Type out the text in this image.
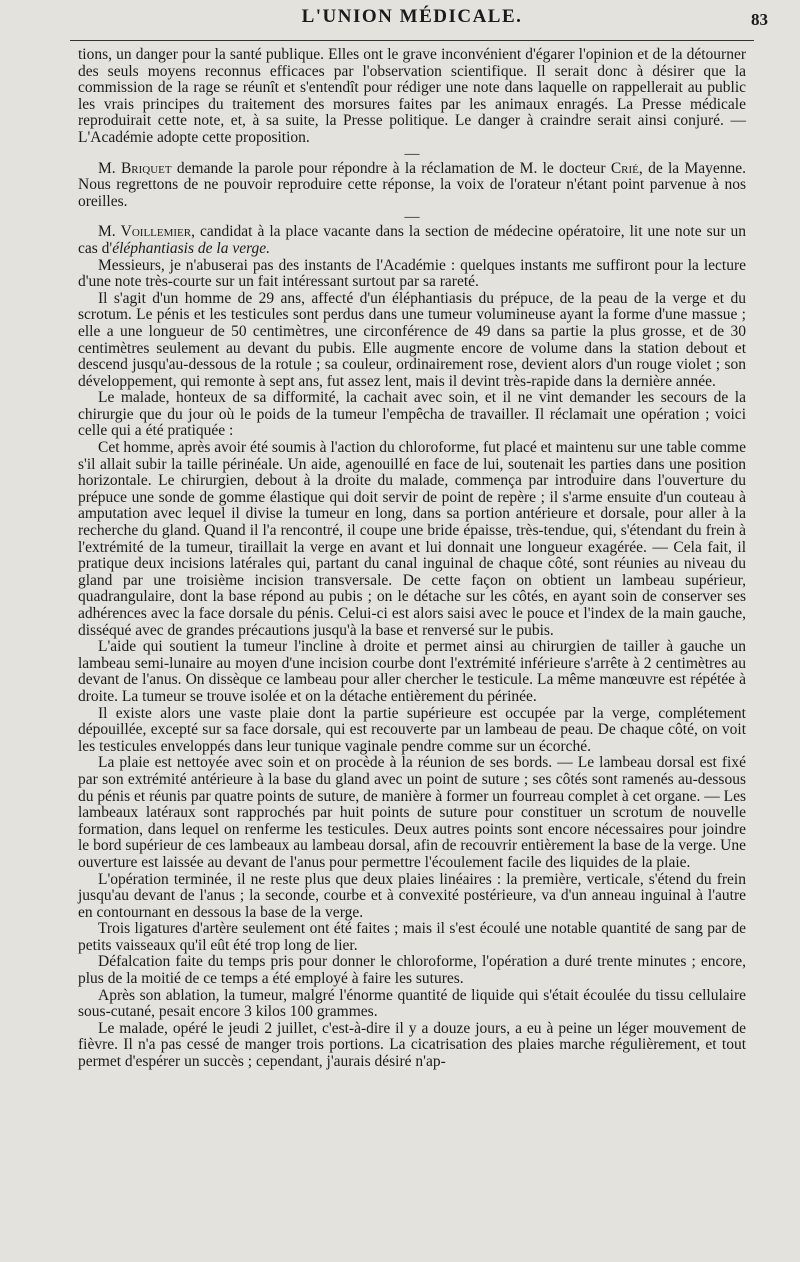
L'UNION MÉDICALE.	83

tions, un danger pour la santé publique. Elles ont le grave inconvénient d'égarer l'opinion et de la détourner des seuls moyens reconnus efficaces par l'observation scientifique. Il serait donc à désirer que la commission de la rage se réunît et s'entendît pour rédiger une note dans laquelle on rappellerait au public les vrais principes du traitement des morsures faites par les animaux enragés. La Presse médicale reproduirait cette note, et, à sa suite, la Presse politique. Le danger à craindre serait ainsi conjuré. — L'Académie adopte cette proposition.

—

M. Briquet demande la parole pour répondre à la réclamation de M. le docteur Crié, de la Mayenne. Nous regrettons de ne pouvoir reproduire cette réponse, la voix de l'orateur n'étant point parvenue à nos oreilles.

—

M. Voillemier, candidat à la place vacante dans la section de médecine opératoire, lit une note sur un cas d'éléphantiasis de la verge.

Messieurs, je n'abuserai pas des instants de l'Académie : quelques instants me suffiront pour la lecture d'une note très-courte sur un fait intéressant surtout par sa rareté.

Il s'agit d'un homme de 29 ans, affecté d'un éléphantiasis du prépuce, de la peau de la verge et du scrotum. Le pénis et les testicules sont perdus dans une tumeur volumineuse ayant la forme d'une massue ; elle a une longueur de 50 centimètres, une circonférence de 49 dans sa partie la plus grosse, et de 30 centimètres seulement au devant du pubis. Elle augmente encore de volume dans la station debout et descend jusqu'au-dessous de la rotule ; sa couleur, ordinairement rose, devient alors d'un rouge violet ; son développement, qui remonte à sept ans, fut assez lent, mais il devint très-rapide dans la dernière année.

Le malade, honteux de sa difformité, la cachait avec soin, et il ne vint demander les secours de la chirurgie que du jour où le poids de la tumeur l'empêcha de travailler. Il réclamait une opération ; voici celle qui a été pratiquée :

Cet homme, après avoir été soumis à l'action du chloroforme, fut placé et maintenu sur une table comme s'il allait subir la taille périnéale. Un aide, agenouillé en face de lui, soutenait les parties dans une position horizontale. Le chirurgien, debout à la droite du malade, commença par introduire dans l'ouverture du prépuce une sonde de gomme élastique qui doit servir de point de repère ; il s'arme ensuite d'un couteau à amputation avec lequel il divise la tumeur en long, dans sa portion antérieure et dorsale, pour aller à la recherche du gland. Quand il l'a rencontré, il coupe une bride épaisse, très-tendue, qui, s'étendant du frein à l'extrémité de la tumeur, tiraillait la verge en avant et lui donnait une longueur exagérée. — Cela fait, il pratique deux incisions latérales qui, partant du canal inguinal de chaque côté, sont réunies au niveau du gland par une troisième incision transversale. De cette façon on obtient un lambeau supérieur, quadrangulaire, dont la base répond au pubis ; on le détache sur les côtés, en ayant soin de conserver ses adhérences avec la face dorsale du pénis. Celui-ci est alors saisi avec le pouce et l'index de la main gauche, disséqué avec de grandes précautions jusqu'à la base et renversé sur le pubis.

L'aide qui soutient la tumeur l'incline à droite et permet ainsi au chirurgien de tailler à gauche un lambeau semi-lunaire au moyen d'une incision courbe dont l'extrémité inférieure s'arrête à 2 centimètres au devant de l'anus. On dissèque ce lambeau pour aller chercher le testicule. La même manœuvre est répétée à droite. La tumeur se trouve isolée et on la détache entièrement du périnée.

Il existe alors une vaste plaie dont la partie supérieure est occupée par la verge, complétement dépouillée, excepté sur sa face dorsale, qui est recouverte par un lambeau de peau. De chaque côté, on voit les testicules enveloppés dans leur tunique vaginale pendre comme sur un écorché.

La plaie est nettoyée avec soin et on procède à la réunion de ses bords. — Le lambeau dorsal est fixé par son extrémité antérieure à la base du gland avec un point de suture ; ses côtés sont ramenés au-dessous du pénis et réunis par quatre points de suture, de manière à former un fourreau complet à cet organe. — Les lambeaux latéraux sont rapprochés par huit points de suture pour constituer un scrotum de nouvelle formation, dans lequel on renferme les testicules. Deux autres points sont encore nécessaires pour joindre le bord supérieur de ces lambeaux au lambeau dorsal, afin de recouvrir entièrement la base de la verge. Une ouverture est laissée au devant de l'anus pour permettre l'écoulement facile des liquides de la plaie.

L'opération terminée, il ne reste plus que deux plaies linéaires : la première, verticale, s'étend du frein jusqu'au devant de l'anus ; la seconde, courbe et à convexité postérieure, va d'un anneau inguinal à l'autre en contournant en dessous la base de la verge.

Trois ligatures d'artère seulement ont été faites ; mais il s'est écoulé une notable quantité de sang par de petits vaisseaux qu'il eût été trop long de lier.

Défalcation faite du temps pris pour donner le chloroforme, l'opération a duré trente minutes ; encore, plus de la moitié de ce temps a été employé à faire les sutures.

Après son ablation, la tumeur, malgré l'énorme quantité de liquide qui s'était écoulée du tissu cellulaire sous-cutané, pesait encore 3 kilos 100 grammes.

Le malade, opéré le jeudi 2 juillet, c'est-à-dire il y a douze jours, a eu à peine un léger mouvement de fièvre. Il n'a pas cessé de manger trois portions. La cicatrisation des plaies marche régulièrement, et tout permet d'espérer un succès ; cependant, j'aurais désiré n'ap-
